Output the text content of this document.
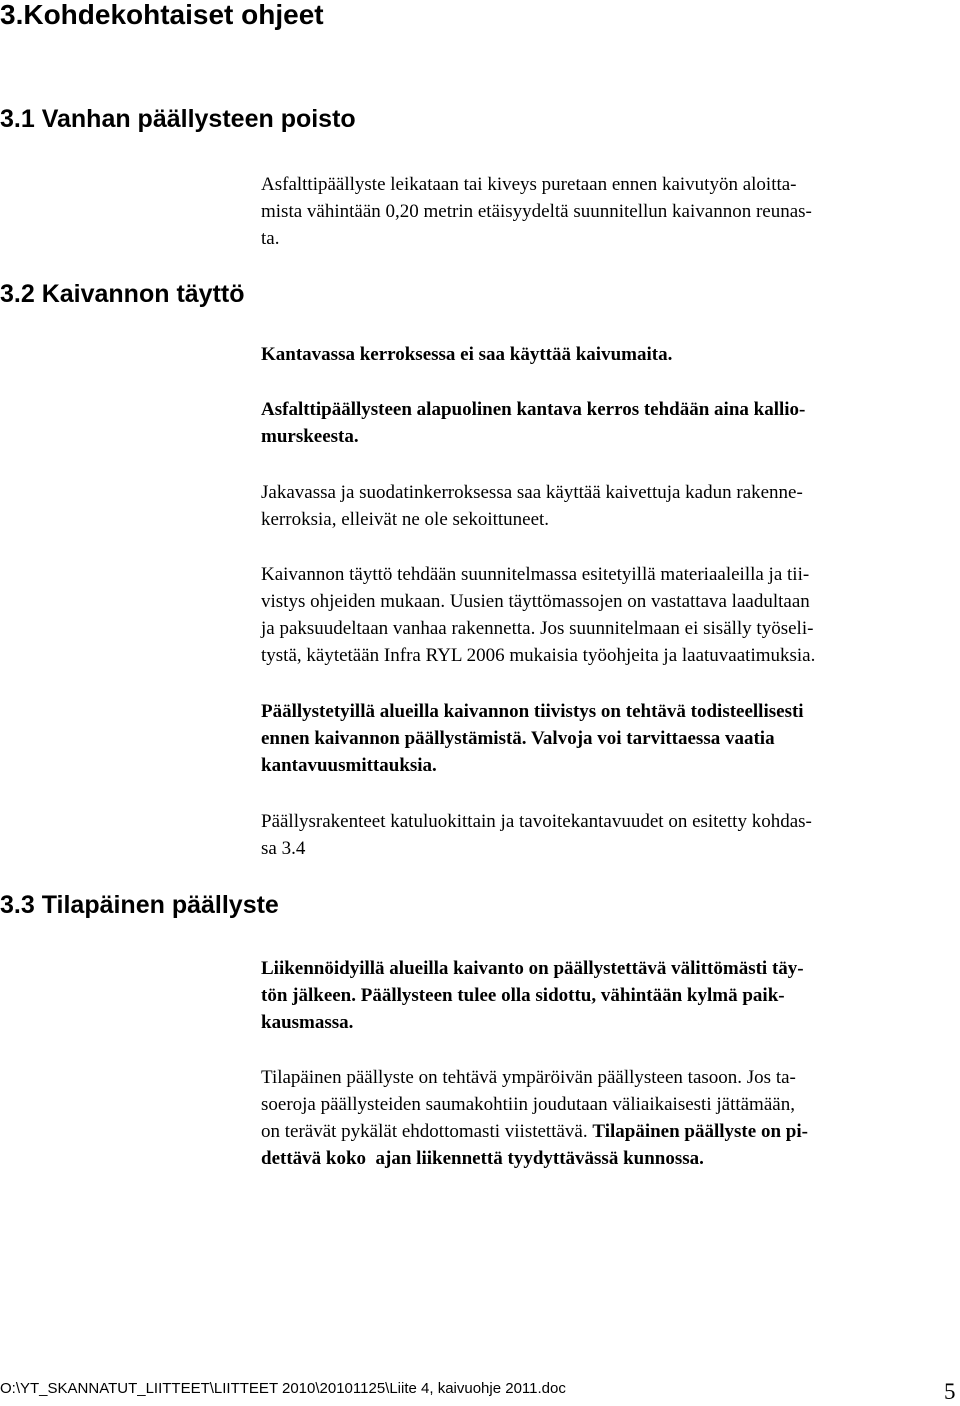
3.Kohdekohtaiset ohjeet
3.1 Vanhan päällysteen poisto
Asfalttipäällyste leikataan tai kiveys puretaan ennen kaivutyön aloitta-
mista vähintään 0,20 metrin etäisyydeltä suunnitellun kaivannon reunas-
ta.
3.2 Kaivannon täyttö
Kantavassa kerroksessa ei saa käyttää kaivumaita.
Asfalttipäällysteen alapuolinen kantava kerros tehdään aina kallio-
murskeesta.
Jakavassa ja suodatinkerroksessa saa käyttää kaivettuja kadun rakenne-
kerroksia, elleivät ne ole sekoittuneet.
Kaivannon täyttö tehdään suunnitelmassa esitetyillä materiaaleilla ja tii-
vistys ohjeiden mukaan. Uusien täyttömassojen on vastattava laadultaan
ja paksuudeltaan vanhaa rakennetta. Jos suunnitelmaan ei sisälly työseli-
tystä, käytetään Infra RYL 2006 mukaisia työohjeita ja laatuvaatimuksia.
Päällystetyillä alueilla kaivannon tiivistys on tehtävä todisteellisesti
ennen kaivannon päällystämistä. Valvoja voi tarvittaessa vaatia
kantavuusmittauksia.
Päällysrakenteet katuluokittain ja tavoitekantavuudet on esitetty kohdas-
sa 3.4
3.3 Tilapäinen päällyste
Liikennöidyillä alueilla kaivanto on päällystettävä välittömästi täy-
tön jälkeen. Päällysteen tulee olla sidottu, vähintään kylmä paik-
kausmassa.
Tilapäinen päällyste on tehtävä ympäröivän päällysteen tasoon. Jos ta-
soeroja päällysteiden saumakohtiin joudutaan väliaikaisesti jättämään,
on terävät pykälät ehdottomasti viistettävä. Tilapäinen päällyste on pi-
dettävä koko  ajan liikennettä tyydyttävässä kunnossa.
O:\YT_SKANNATUT_LIITTEET\LIITTEET 2010\20101125\Liite 4, kaivuohje 2011.doc	5
